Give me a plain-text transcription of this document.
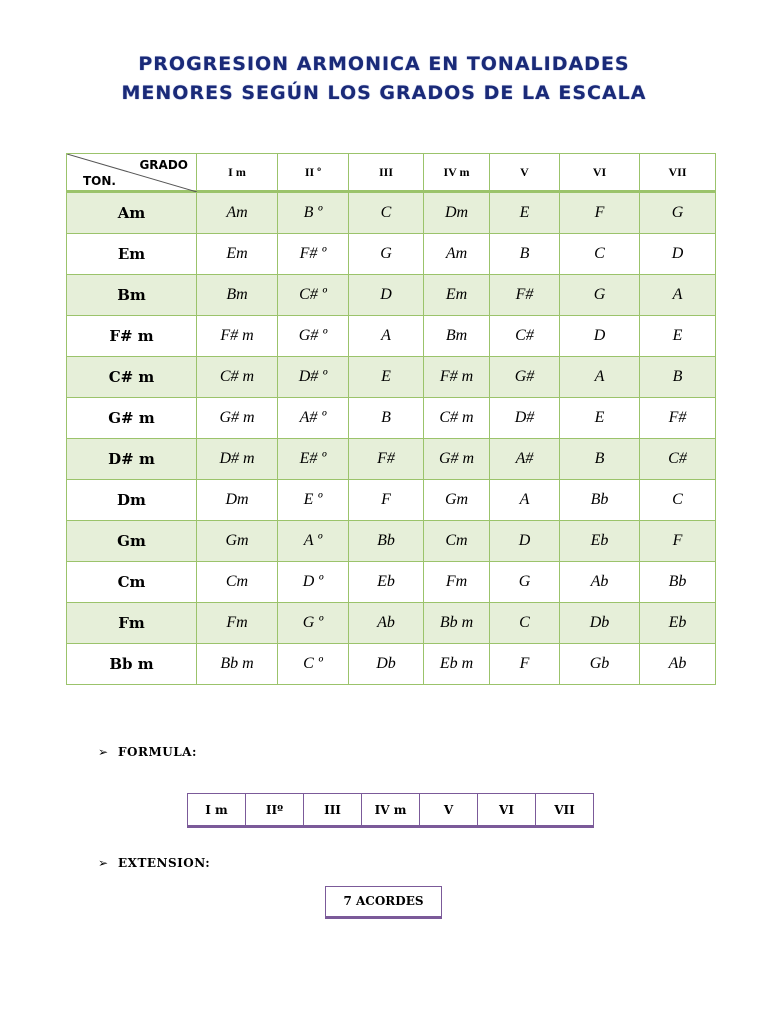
PROGRESION ARMONICA EN TONALIDADES
MENORES SEGÚN LOS GRADOS DE LA ESCALA
GRADO
TON.	I m	II º	III	IV m	V	VI	VII
Am	Am	B º	C	Dm	E	F	G
Em	Em	F# º	G	Am	B	C	D
Bm	Bm	C# º	D	Em	F#	G	A
F# m	F# m	G# º	A	Bm	C#	D	E
C# m	C# m	D# º	E	F# m	G#	A	B
G# m	G# m	A# º	B	C# m	D#	E	F#
D# m	D# m	E# º	F#	G# m	A#	B	C#
Dm	Dm	E º	F	Gm	A	Bb	C
Gm	Gm	A º	Bb	Cm	D	Eb	F
Cm	Cm	D º	Eb	Fm	G	Ab	Bb
Fm	Fm	G º	Ab	Bb m	C	Db	Eb
Bb m	Bb m	C º	Db	Eb m	F	Gb	Ab
➢ FORMULA:
I m	IIº	III	IV m	V	VI	VII
➢ EXTENSION:
7 ACORDES
